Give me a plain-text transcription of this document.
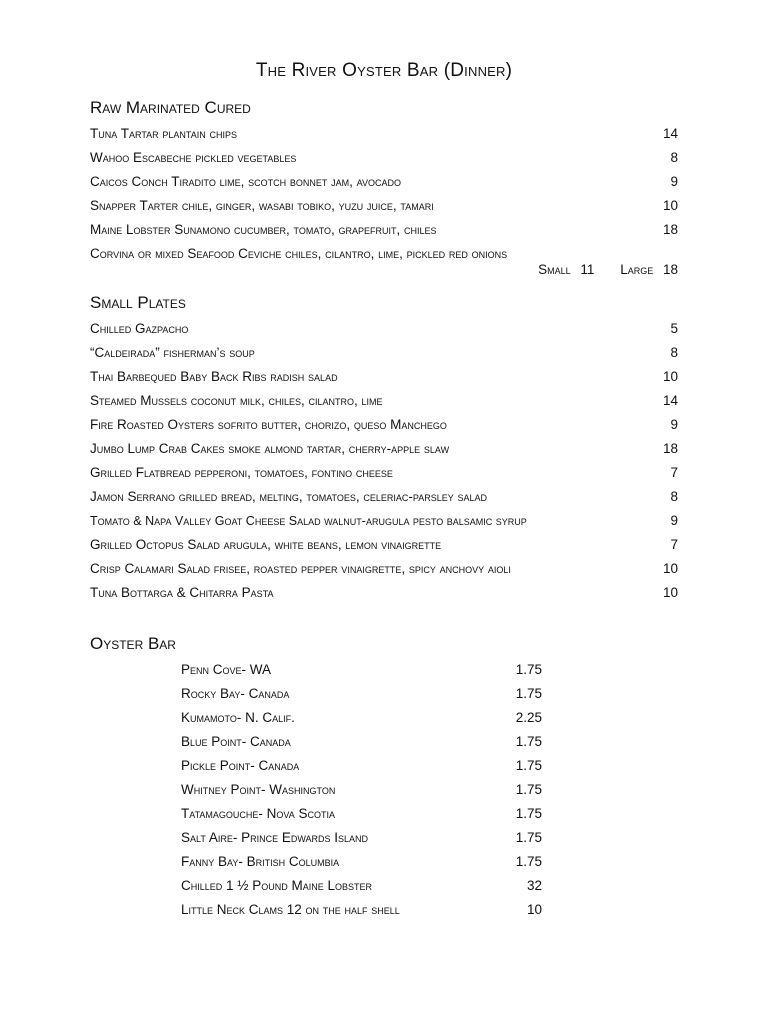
The River Oyster Bar (Dinner)
Raw Marinated Cured
Tuna Tartar plantain chips	14
Wahoo Escabeche pickled vegetables	8
Caicos Conch Tiradito lime, scotch bonnet jam, avocado	9
Snapper Tarter chile, ginger, wasabi tobiko, yuzu juice, tamari	10
Maine Lobster Sunamono cucumber, tomato, grapefruit, chiles	18
Corvina or mixed Seafood Ceviche chiles, cilantro, lime, pickled red onions
Small 11 Large 18
Small Plates
Chilled Gazpacho	5
“Caldeirada” fisherman’s soup	8
Thai Barbequed Baby Back Ribs radish salad	10
Steamed Mussels coconut milk, chiles, cilantro, lime	14
Fire Roasted Oysters sofrito butter, chorizo, queso Manchego	9
Jumbo Lump Crab Cakes smoke almond tartar, cherry-apple slaw	18
Grilled Flatbread pepperoni, tomatoes, fontino cheese	7
Jamon Serrano grilled bread, melting, tomatoes, celeriac-parsley salad	8
Tomato & Napa Valley Goat Cheese Salad walnut-arugula pesto balsamic syrup	9
Grilled Octopus Salad arugula, white beans, lemon vinaigrette	7
Crisp Calamari Salad frisee, roasted pepper vinaigrette, spicy anchovy aioli	10
Tuna Bottarga & Chitarra Pasta	10
Oyster Bar
Penn Cove- WA	1.75
Rocky Bay- Canada	1.75
Kumamoto- N. Calif.	2.25
Blue Point- Canada	1.75
Pickle Point- Canada	1.75
Whitney Point- Washington	1.75
Tatamagouche- Nova Scotia	1.75
Salt Aire- Prince Edwards Island	1.75
Fanny Bay- British Columbia	1.75
Chilled 1 ½ Pound Maine Lobster	32
Little Neck Clams 12 on the half shell	10
